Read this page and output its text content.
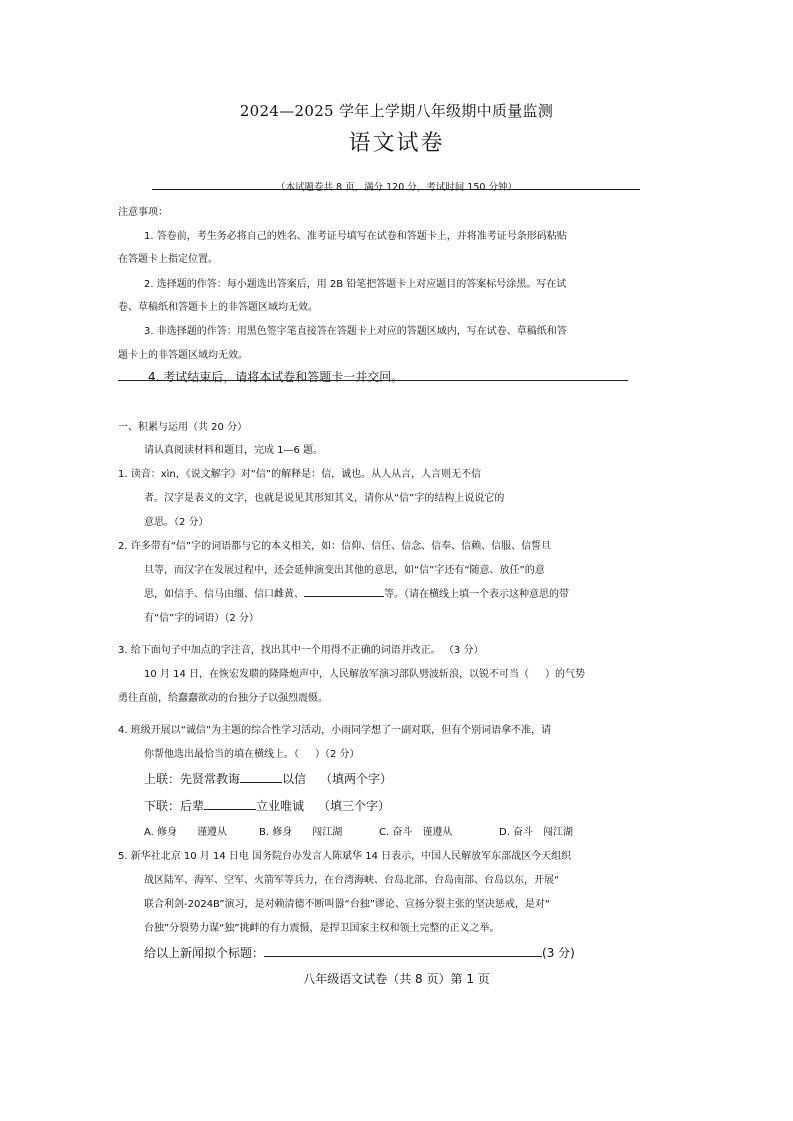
2024—2025 学年上学期八年级期中质量监测
语文试卷
（本试题卷共 8 页，满分 120 分，考试时间 150 分钟）
注意事项：
1. 答卷前，考生务必将自己的姓名、准考证号填写在试卷和答题卡上，并将准考证号条形码粘贴
在答题卡上指定位置。
2. 选择题的作答：每小题选出答案后，用 2B 铅笔把答题卡上对应题目的答案标号涂黑。写在试
卷、草稿纸和答题卡上的非答题区域均无效。
3. 非选择题的作答：用黑色签字笔直接答在答题卡上对应的答题区域内，写在试卷、草稿纸和答
题卡上的非答题区域均无效。
4. 考试结束后，请将本试卷和答题卡一并交回。
一、积累与运用（共 20 分）
请认真阅读材料和题目，完成 1—6 题。
1. 读音：xìn，《说文解字》对“信”的解释是：信，诚也。从人从言，人言则无不信
者。汉字是表义的文字，也就是说见其形知其义，请你从“信”字的结构上说说它的
意思。（2 分）
2. 许多带有“信”字的词语都与它的本义相关，如：信仰、信任、信念、信奉、信赖、信服、信誓旦
旦等，而汉字在发展过程中，还会延伸演变出其他的意思，如“信”字还有“随意、放任”的意
思，如信手、信马由缰、信口雌黄、	等。（请在横线上填一个表示这种意思的带
有“信”字的词语）（2 分）
3. 给下面句子中加点的字注音，找出其中一个用得不正确的词语并改正。 （3 分）
10 月 14 日，在恢宏发聩的隆隆炮声中，人民解放军演习部队劈波斩浪，以锐不可当（ ）的气势
勇往直前，给蠢蠢欲动的台独分子以强烈震慑。
4. 班级开展以“诚信”为主题的综合性学习活动，小雨同学想了一副对联，但有个别词语拿不准，请
你帮他选出最恰当的填在横线上。（ ）（2 分）
上联：先贤常教诲	以信 （填两个字）
下联：后辈	立业唯诚 （填三个字）
A. 修身　　谨遵从	B. 修身　　闯江湖	C. 奋斗　谨遵从	D. 奋斗　闯江湖
5. 新华社北京 10 月 14 日电 国务院台办发言人陈斌华 14 日表示，中国人民解放军东部战区今天组织
战区陆军、海军、空军、火箭军等兵力，在台湾海峡、台岛北部、台岛南部、台岛以东，开展“
联合利剑-2024B”演习，是对赖清德不断叫嚣“台独”谬论、宣扬分裂主张的坚决惩戒，是对“
台独”分裂势力谋“独”挑衅的有力震慑，是捍卫国家主权和领土完整的正义之举。
给以上新闻拟个标题：	(3 分)
八年级语文试卷（共 8 页）第 1 页
